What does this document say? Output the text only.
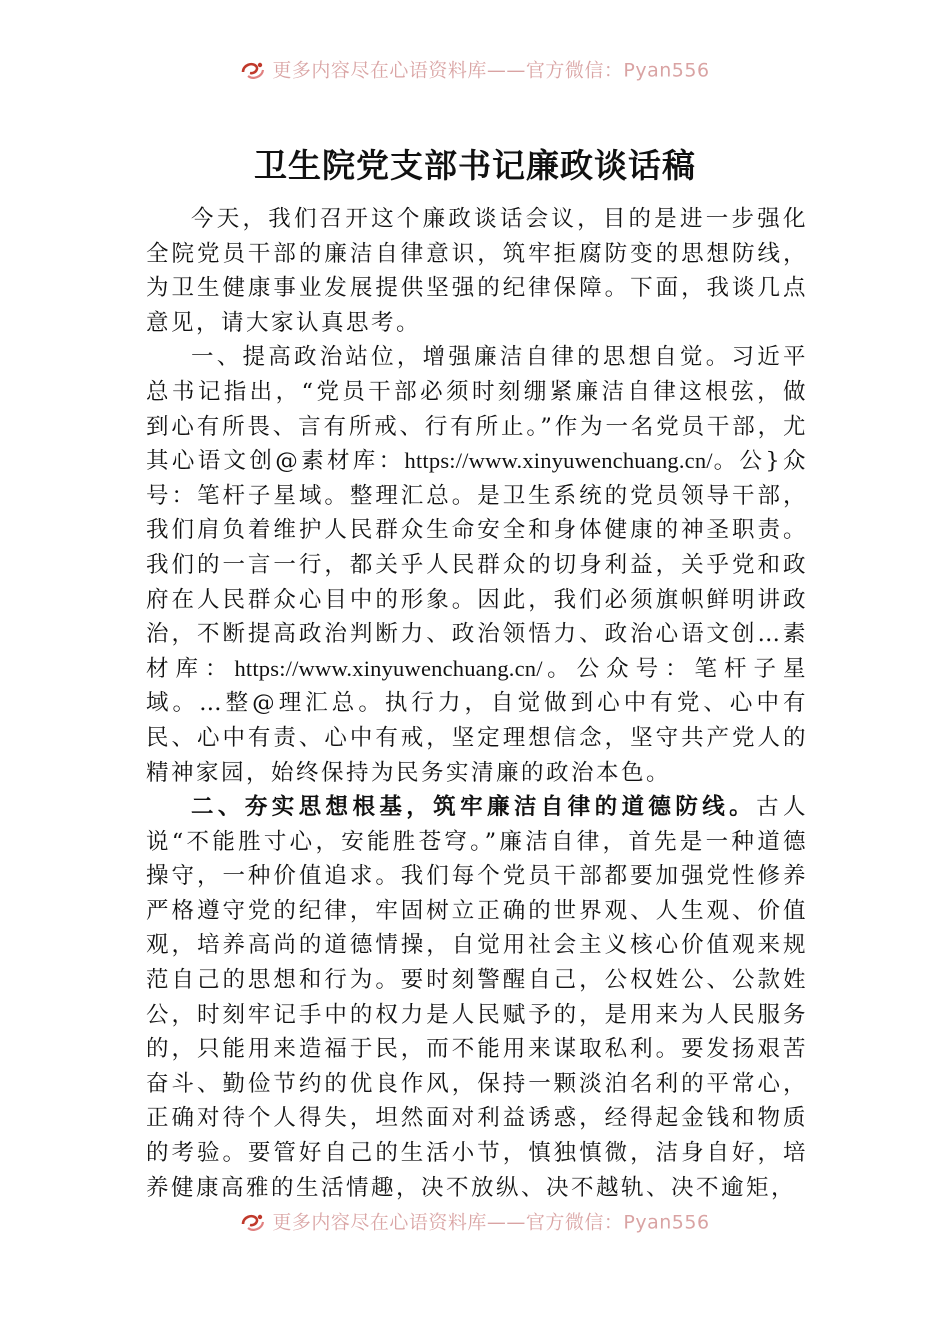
更多内容尽在心语资料库——官方微信：Pyan556
卫生院党支部书记廉政谈话稿

今天，我们召开这个廉政谈话会议，目的是进一步强化全院党员干部的廉洁自律意识，筑牢拒腐防变的思想防线，为卫生健康事业发展提供坚强的纪律保障。下面，我谈几点意见，请大家认真思考。

一、提高政治站位，增强廉洁自律的思想自觉。习近平总书记指出，“党员干部必须时刻绷紧廉洁自律这根弦，做到心有所畏、言有所戒、行有所止。”作为一名党员干部，尤其心语文创@素材库：https://www.xinyuwenchuang.cn/。公}众号：笔杆子星域。整理汇总。是卫生系统的党员领导干部，我们肩负着维护人民群众生命安全和身体健康的神圣职责。我们的一言一行，都关乎人民群众的切身利益，关乎党和政府在人民群众心目中的形象。因此，我们必须旗帜鲜明讲政治，不断提高政治判断力、政治领悟力、政治心语文创…素材库：https://www.xinyuwenchuang.cn/。公众号：笔杆子星域。…整@理汇总。执行力，自觉做到心中有党、心中有民、心中有责、心中有戒，坚定理想信念，坚守共产党人的精神家园，始终保持为民务实清廉的政治本色。

二、夯实思想根基，筑牢廉洁自律的道德防线。古人说“不能胜寸心，安能胜苍穹。”廉洁自律，首先是一种道德操守，一种价值追求。我们每个党员干部都要加强党性修养严格遵守党的纪律，牢固树立正确的世界观、人生观、价值观，培养高尚的道德情操，自觉用社会主义核心价值观来规范自己的思想和行为。要时刻警醒自己，公权姓公、公款姓公，时刻牢记手中的权力是人民赋予的，是用来为人民服务的，只能用来造福于民，而不能用来谋取私利。要发扬艰苦奋斗、勤俭节约的优良作风，保持一颗淡泊名利的平常心，正确对待个人得失，坦然面对利益诱惑，经得起金钱和物质的考验。要管好自己的生活小节，慎独慎微，洁身自好，培养健康高雅的生活情趣，决不放纵、决不越轨、决不逾矩，

更多内容尽在心语资料库——官方微信：Pyan556
